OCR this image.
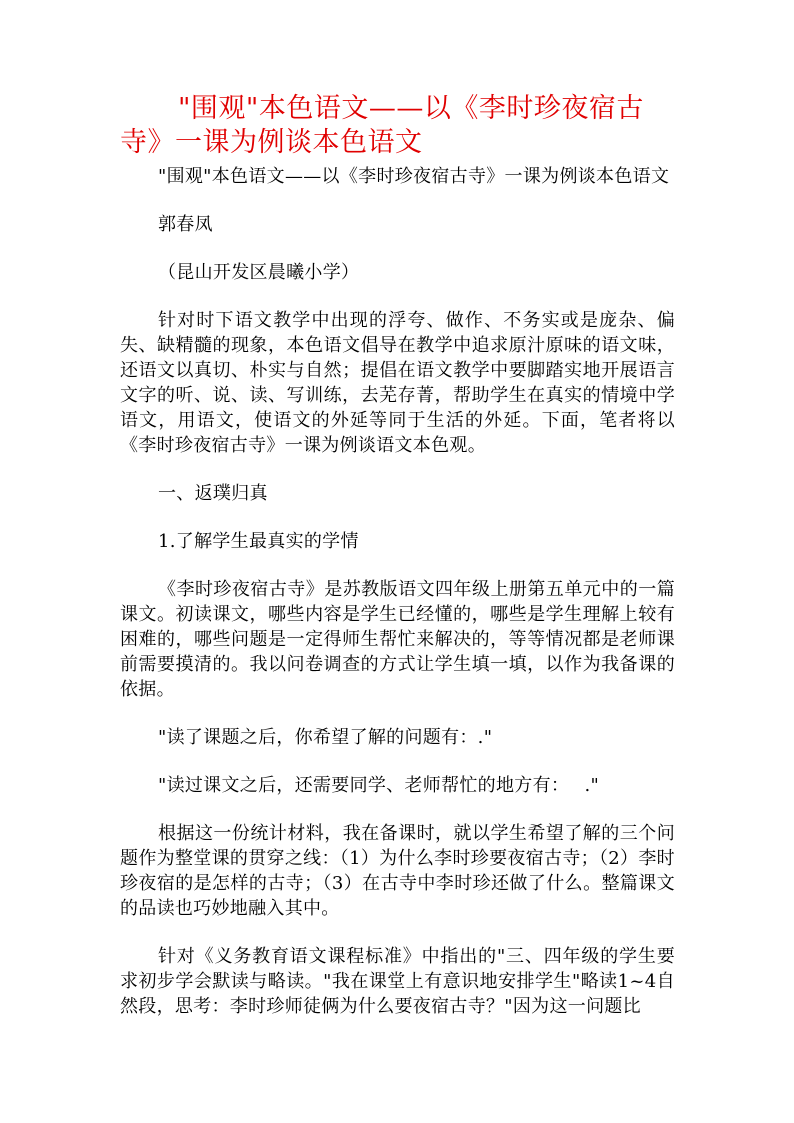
"围观"本色语文——以《李时珍夜宿古寺》一课为例谈本色语文

"围观"本色语文——以《李时珍夜宿古寺》一课为例谈本色语文

郭春凤

（昆山开发区晨曦小学）

针对时下语文教学中出现的浮夸、做作、不务实或是庞杂、偏失、缺精髓的现象，本色语文倡导在教学中追求原汁原味的语文味，还语文以真切、朴实与自然；提倡在语文教学中要脚踏实地开展语言文字的听、说、读、写训练，去芜存菁，帮助学生在真实的情境中学语文，用语文，使语文的外延等同于生活的外延。下面，笔者将以《李时珍夜宿古寺》一课为例谈语文本色观。

一、返璞归真

1.了解学生最真实的学情

《李时珍夜宿古寺》是苏教版语文四年级上册第五单元中的一篇课文。初读课文，哪些内容是学生已经懂的，哪些是学生理解上较有困难的，哪些问题是一定得师生帮忙来解决的，等等情况都是老师课前需要摸清的。我以问卷调查的方式让学生填一填，以作为我备课的依据。

"读了课题之后，你希望了解的问题有：."

"读过课文之后，还需要同学、老师帮忙的地方有：　 ."

根据这一份统计材料，我在备课时，就以学生希望了解的三个问题作为整堂课的贯穿之线：（1）为什么李时珍要夜宿古寺；（2）李时珍夜宿的是怎样的古寺；（3）在古寺中李时珍还做了什么。整篇课文的品读也巧妙地融入其中。

针对《义务教育语文课程标准》中指出的"三、四年级的学生要求初步学会默读与略读。"我在课堂上有意识地安排学生"略读1~4自然段，思考：李时珍师徒俩为什么要夜宿古寺？"因为这一问题比
